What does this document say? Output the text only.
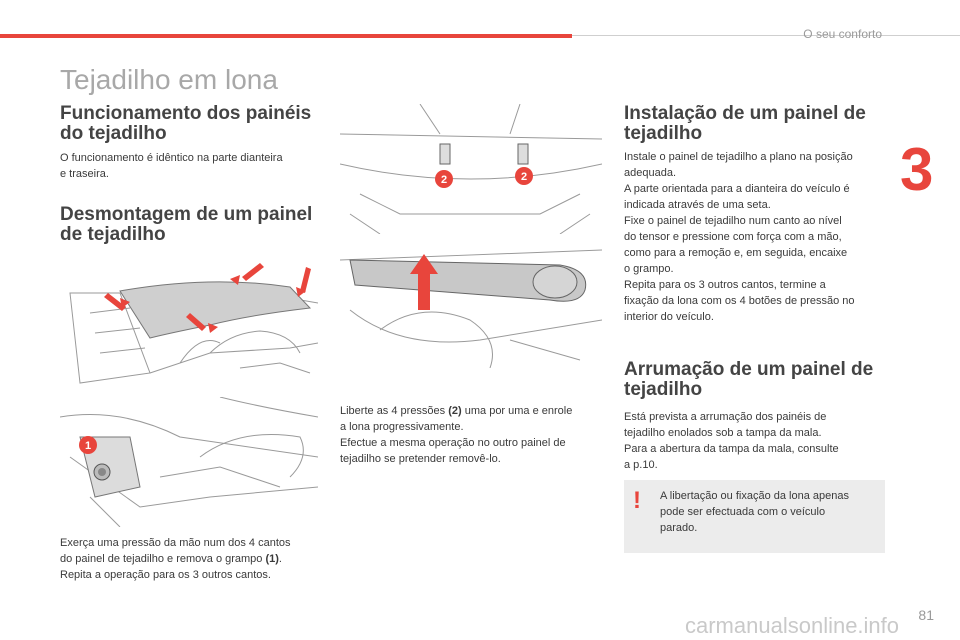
O seu conforto
3
Tejadilho em lona
Funcionamento dos painéis
do tejadilho

O funcionamento é idêntico na parte dianteira
e traseira.

Desmontagem de um painel
de tejadilho
1

Exerça uma pressão da mão num dos 4 cantos
do painel de tejadilho e remova o grampo (1).
Repita a operação para os 3 outros cantos.

2	2

Liberte as 4 pressões (2) uma por uma e enrole
a lona progressivamente.
Efectue a mesma operação no outro painel de
tejadilho se pretender removê-lo.

Instalação de um painel de
tejadilho

Instale o painel de tejadilho a plano na posição
adequada.
A parte orientada para a dianteira do veículo é
indicada através de uma seta.
Fixe o painel de tejadilho num canto ao nível
do tensor e pressione com força com a mão,
como para a remoção e, em seguida, encaixe
o grampo.
Repita para os 3 outros cantos, termine a
fixação da lona com os 4 botões de pressão no
interior do veículo.

Arrumação de um painel de
tejadilho

Está prevista a arrumação dos painéis de
tejadilho enolados sob a tampa da mala.
Para a abertura da tampa da mala, consulte
a p.10.

! A libertação ou fixação da lona apenas
pode ser efectuada com o veículo
parado.

carmanualsonline.info 81
